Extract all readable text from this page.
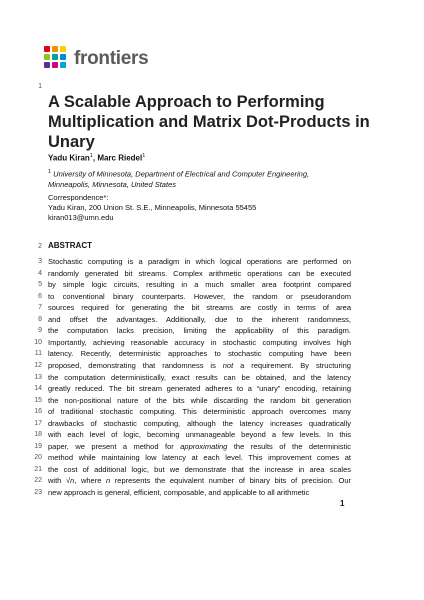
frontiers
1
A Scalable Approach to Performing Multiplication and Matrix Dot-Products in Unary
Yadu Kiran$^1$, Marc Riedel$^1$
$^1$ University of Minnesota, Department of Electrical and Computer Engineering,
Minneapolis, Minnesota, United States
Correspondence*:
Yadu Kiran, 200 Union St. S.E., Minneapolis, Minnesota 55455
kiran013@umn.edu
2 ABSTRACT
3 Stochastic computing is a paradigm in which logical operations are performed on
4 randomly generated bit streams. Complex arithmetic operations can be executed
5 by simple logic circuits, resulting in a much smaller area footprint compared
6 to conventional binary counterparts. However, the random or pseudorandom
7 sources required for generating the bit streams are costly in terms of area
8 and offset the advantages. Additionally, due to the inherent randomness,
9 the computation lacks precision, limiting the applicability of this paradigm.
10 Importantly, achieving reasonable accuracy in stochastic computing involves high
11 latency. Recently, deterministic approaches to stochastic computing have been
12 proposed, demonstrating that randomness is not a requirement. By structuring
13 the computation deterministically, exact results can be obtained, and the latency
14 greatly reduced. The bit stream generated adheres to a “unary” encoding, retaining
15 the non-positional nature of the bits while discarding the random bit generation
16 of traditional stochastic computing. This deterministic approach overcomes many
17 drawbacks of stochastic computing, although the latency increases quadratically
18 with each level of logic, becoming unmanageable beyond a few levels. In this
19 paper, we present a method for approximating the results of the deterministic
20 method while maintaining low latency at each level. This improvement comes at
21 the cost of additional logic, but we demonstrate that the increase in area scales
22 with √n, where n represents the equivalent number of binary bits of precision. Our
23 new approach is general, efficient, composable, and applicable to all arithmetic
1
